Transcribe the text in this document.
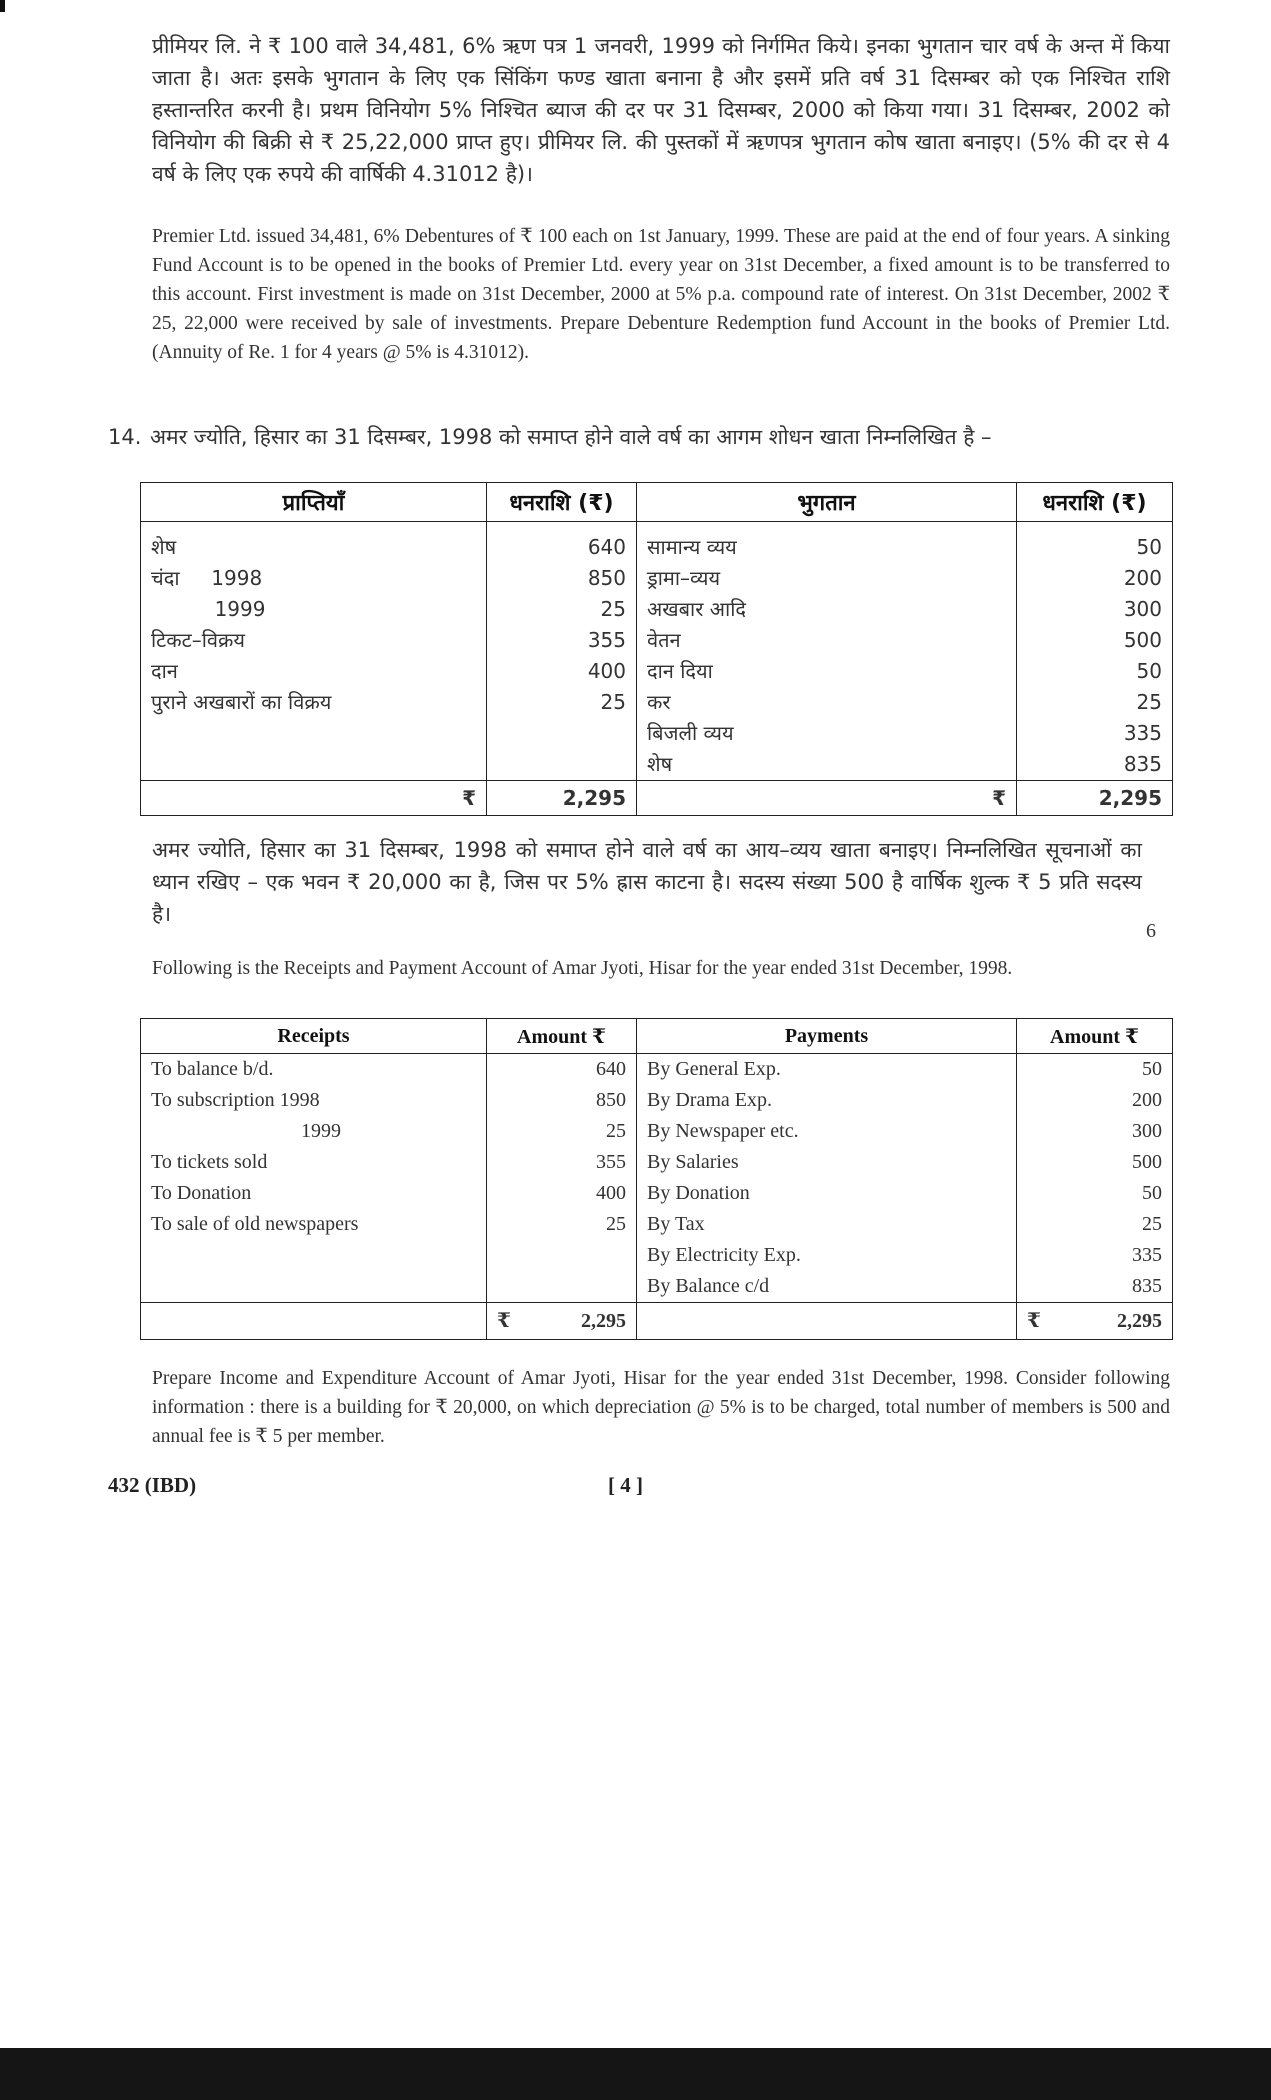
प्रीमियर लि. ने ₹ 100 वाले 34,481, 6% ऋण पत्र 1 जनवरी, 1999 को निर्गमित किये। इनका भुगतान चार वर्ष के अन्त में किया जाता है। अतः इसके भुगतान के लिए एक सिंकिंग फण्ड खाता बनाना है और इसमें प्रति वर्ष 31 दिसम्बर को एक निश्चित राशि हस्तान्तरित करनी है। प्रथम विनियोग 5% निश्चित ब्याज की दर पर 31 दिसम्बर, 2000 को किया गया। 31 दिसम्बर, 2002 को विनियोग की बिक्री से ₹ 25,22,000 प्राप्त हुए। प्रीमियर लि. की पुस्तकों में ऋणपत्र भुगतान कोष खाता बनाइए। (5% की दर से 4 वर्ष के लिए एक रुपये की वार्षिकी 4.31012 है)।

Premier Ltd. issued 34,481, 6% Debentures of ₹ 100 each on 1st January, 1999. These are paid at the end of four years. A sinking Fund Account is to be opened in the books of Premier Ltd. every year on 31st December, a fixed amount is to be transferred to this account. First investment is made on 31st December, 2000 at 5% p.a. compound rate of interest. On 31st December, 2002 ₹ 25, 22,000 were received by sale of investments. Prepare Debenture Redemption fund Account in the books of Premier Ltd. (Annuity of Re. 1 for 4 years @ 5% is 4.31012).

14. अमर ज्योति, हिसार का 31 दिसम्बर, 1998 को समाप्त होने वाले वर्ष का आगम शोधन खाता निम्नलिखित है –
प्राप्तियाँ	धनराशि (₹)	भुगतान	धनराशि (₹)

शेष	640	सामान्य व्यय	50
चंदा     1998	850	ड्रामा–व्यय	200
1999	25	अखबार आदि	300
टिकट–विक्रय	355	वेतन	500
दान	400	दान दिया	50
पुराने अखबारों का विक्रय	25	कर	25
		बिजली व्यय	335
		शेष	835
₹	2,295	₹	2,295

अमर ज्योति, हिसार का 31 दिसम्बर, 1998 को समाप्त होने वाले वर्ष का आय–व्यय खाता बनाइए। निम्नलिखित सूचनाओं का ध्यान रखिए – एक भवन ₹ 20,000 का है, जिस पर 5% ह्रास काटना है। सदस्य संख्या 500 है वार्षिक शुल्क ₹ 5 प्रति सदस्य है।

6

Following is the Receipts and Payment Account of Amar Jyoti, Hisar for the year ended 31st December, 1998.

Receipts	Amount ₹	Payments	Amount ₹
To balance b/d.	640	By General Exp.	50
To subscription 1998	850	By Drama Exp.	200
1999	25	By Newspaper etc.	300
To tickets sold	355	By Salaries	500
To Donation	400	By Donation	50
To sale of old newspapers	25	By Tax	25
		By Electricity Exp.	335
		By Balance c/d	835

	₹ 2,295		₹ 2,295

Prepare Income and Expenditure Account of Amar Jyoti, Hisar for the year ended 31st December, 1998. Consider following information : there is a building for ₹ 20,000, on which depreciation @ 5% is to be charged, total number of members is 500 and annual fee is ₹ 5 per member.

432 (IBD)	[ 4 ]
